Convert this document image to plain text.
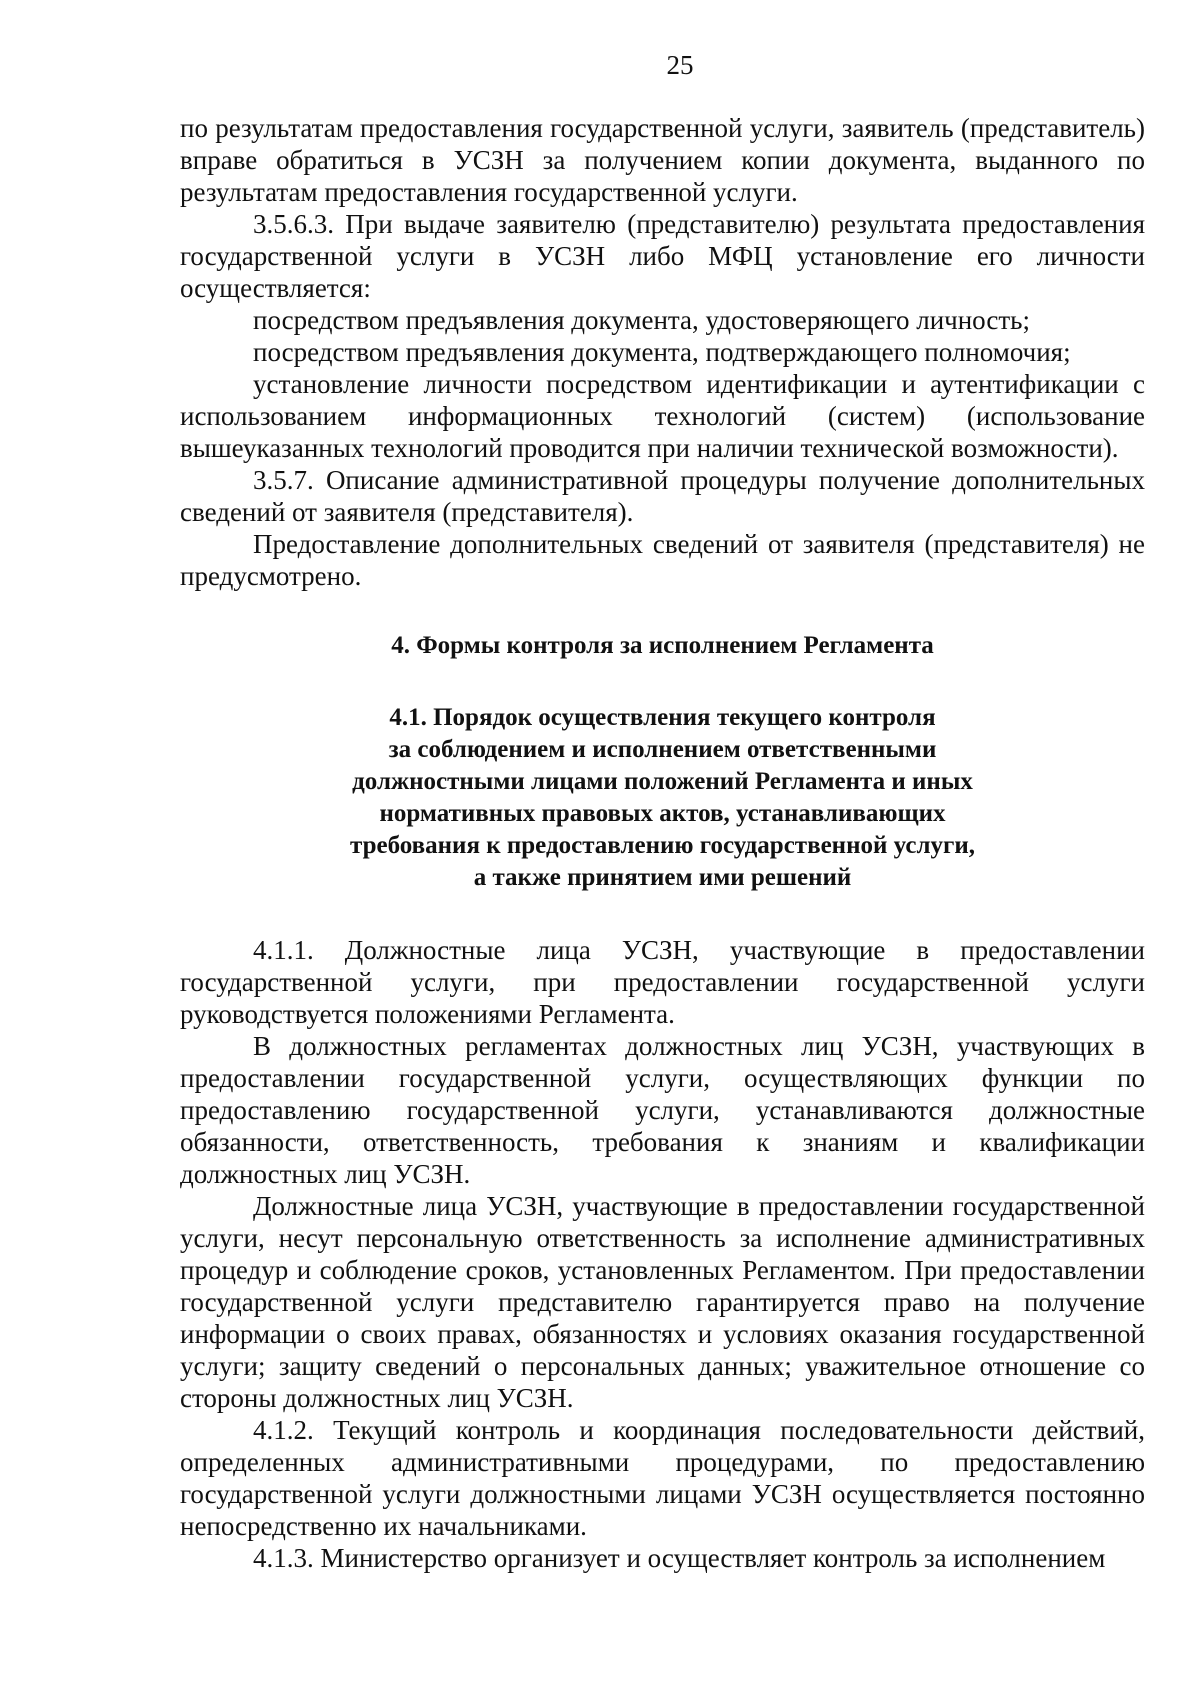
25

по результатам предоставления государственной услуги, заявитель (представитель) вправе обратиться в УСЗН за получением копии документа, выданного по результатам предоставления государственной услуги.

3.5.6.3. При выдаче заявителю (представителю) результата предоставления государственной услуги в УСЗН либо МФЦ установление его личности осуществляется:

посредством предъявления документа, удостоверяющего личность;

посредством предъявления документа, подтверждающего полномочия;

установление личности посредством идентификации и аутентификации с использованием информационных технологий (систем) (использование вышеуказанных технологий проводится при наличии технической возможности).

3.5.7. Описание административной процедуры получение дополнительных сведений от заявителя (представителя).

Предоставление дополнительных сведений от заявителя (представителя) не предусмотрено.

4. Формы контроля за исполнением Регламента

4.1. Порядок осуществления текущего контроля

за соблюдением и исполнением ответственными

должностными лицами положений Регламента и иных

нормативных правовых актов, устанавливающих

требования к предоставлению государственной услуги,

а также принятием ими решений

4.1.1. Должностные лица УСЗН, участвующие в предоставлении государственной услуги, при предоставлении государственной услуги руководствуется положениями Регламента.

В должностных регламентах должностных лиц УСЗН, участвующих в предоставлении государственной услуги, осуществляющих функции по предоставлению государственной услуги, устанавливаются должностные обязанности, ответственность, требования к знаниям и квалификации должностных лиц УСЗН.

Должностные лица УСЗН, участвующие в предоставлении государственной услуги, несут персональную ответственность за исполнение административных процедур и соблюдение сроков, установленных Регламентом. При предоставлении государственной услуги представителю гарантируется право на получение информации о своих правах, обязанностях и условиях оказания государственной услуги; защиту сведений о персональных данных; уважительное отношение со стороны должностных лиц УСЗН.

4.1.2. Текущий контроль и координация последовательности действий, определенных административными процедурами, по предоставлению государственной услуги должностными лицами УСЗН осуществляется постоянно непосредственно их начальниками.

4.1.3. Министерство организует и осуществляет контроль за исполнением
